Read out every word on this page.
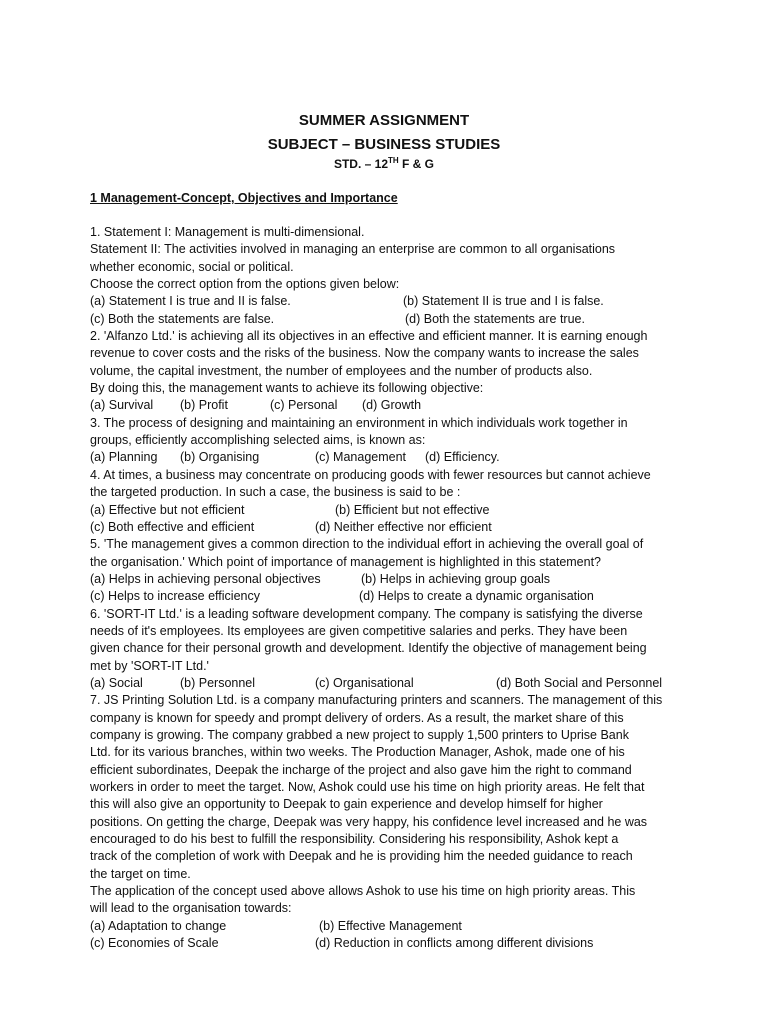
SUMMER ASSIGNMENT
SUBJECT – BUSINESS STUDIES
STD. – 12TH F & G
1 Management-Concept, Objectives and Importance
1. Statement I: Management is multi-dimensional.
Statement II: The activities involved in managing an enterprise are common to all organisations
whether economic, social or political.
Choose the correct option from the options given below:
(a) Statement I is true and II is false.	(b) Statement II is true and I is false.
(c) Both the statements are false.	(d) Both the statements are true.
2. 'Alfanzo Ltd.' is achieving all its objectives in an effective and efficient manner. It is earning enough
revenue to cover costs and the risks of the business. Now the company wants to increase the sales
volume, the capital investment, the number of employees and the number of products also.
By doing this, the management wants to achieve its following objective:
(a) Survival (b) Profit	(c) Personal (d) Growth
3. The process of designing and maintaining an environment in which individuals work together in
groups, efficiently accomplishing selected aims, is known as:
(a) Planning (b) Organising	(c) Management (d) Efficiency.
4. At times, a business may concentrate on producing goods with fewer resources but cannot achieve
the targeted production. In such a case, the business is said to be :
(a) Effective but not efficient	(b) Efficient but not effective
(c) Both effective and efficient	(d) Neither effective nor efficient
5. 'The management gives a common direction to the individual effort in achieving the overall goal of
the organisation.' Which point of importance of management is highlighted in this statement?
(a) Helps in achieving personal objectives	(b) Helps in achieving group goals
(c) Helps to increase efficiency	(d) Helps to create a dynamic organisation
6. 'SORT-IT Ltd.' is a leading software development company. The company is satisfying the diverse
needs of it's employees. Its employees are given competitive salaries and perks. They have been
given chance for their personal growth and development. Identify the objective of management being
met by 'SORT-IT Ltd.'
(a) Social	(b) Personnel	(c) Organisational	(d) Both Social and Personnel
7. JS Printing Solution Ltd. is a company manufacturing printers and scanners. The management of this
company is known for speedy and prompt delivery of orders. As a result, the market share of this
company is growing. The company grabbed a new project to supply 1,500 printers to Uprise Bank
Ltd. for its various branches, within two weeks. The Production Manager, Ashok, made one of his
efficient subordinates, Deepak the incharge of the project and also gave him the right to command
workers in order to meet the target. Now, Ashok could use his time on high priority areas. He felt that
this will also give an opportunity to Deepak to gain experience and develop himself for higher
positions. On getting the charge, Deepak was very happy, his confidence level increased and he was
encouraged to do his best to fulfill the responsibility. Considering his responsibility, Ashok kept a
track of the completion of work with Deepak and he is providing him the needed guidance to reach
the target on time.
The application of the concept used above allows Ashok to use his time on high priority areas. This
will lead to the organisation towards:
(a) Adaptation to change	(b) Effective Management
(c) Economies of Scale	(d) Reduction in conflicts among different divisions
